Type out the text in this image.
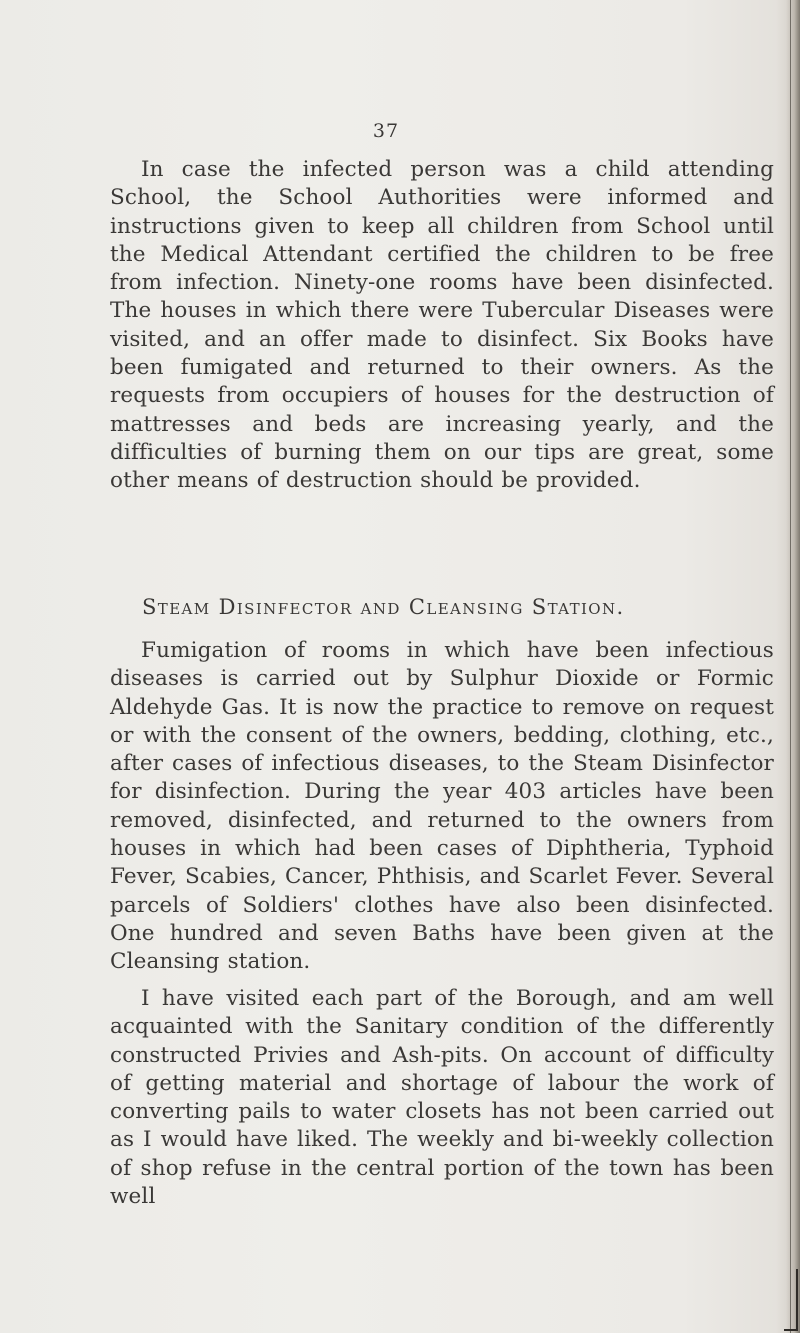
37
In case the infected person was a child attending School, the School Authorities were informed and instructions given to keep all children from School until the Medical Attendant certified the children to be free from infection. Ninety-one rooms have been disinfected. The houses in which there were Tubercular Diseases were visited, and an offer made to disinfect. Six Books have been fumigated and returned to their owners. As the requests from occupiers of houses for the destruction of mattresses and beds are increasing yearly, and the difficulties of burning them on our tips are great, some other means of destruction should be provided.
Steam Disinfector and Cleansing Station.
Fumigation of rooms in which have been infectious diseases is carried out by Sulphur Dioxide or Formic Aldehyde Gas. It is now the practice to remove on request or with the consent of the owners, bedding, clothing, etc., after cases of infectious diseases, to the Steam Disinfector for disinfection. During the year 403 articles have been removed, disinfected, and returned to the owners from houses in which had been cases of Diphtheria, Typhoid Fever, Scabies, Cancer, Phthisis, and Scarlet Fever. Several parcels of Soldiers' clothes have also been disinfected. One hundred and seven Baths have been given at the Cleansing station.
I have visited each part of the Borough, and am well acquainted with the Sanitary condition of the differently constructed Privies and Ash-pits. On account of difficulty of getting material and shortage of labour the work of converting pails to water closets has not been carried out as I would have liked. The weekly and bi-weekly collection of shop refuse in the central portion of the town has been well
